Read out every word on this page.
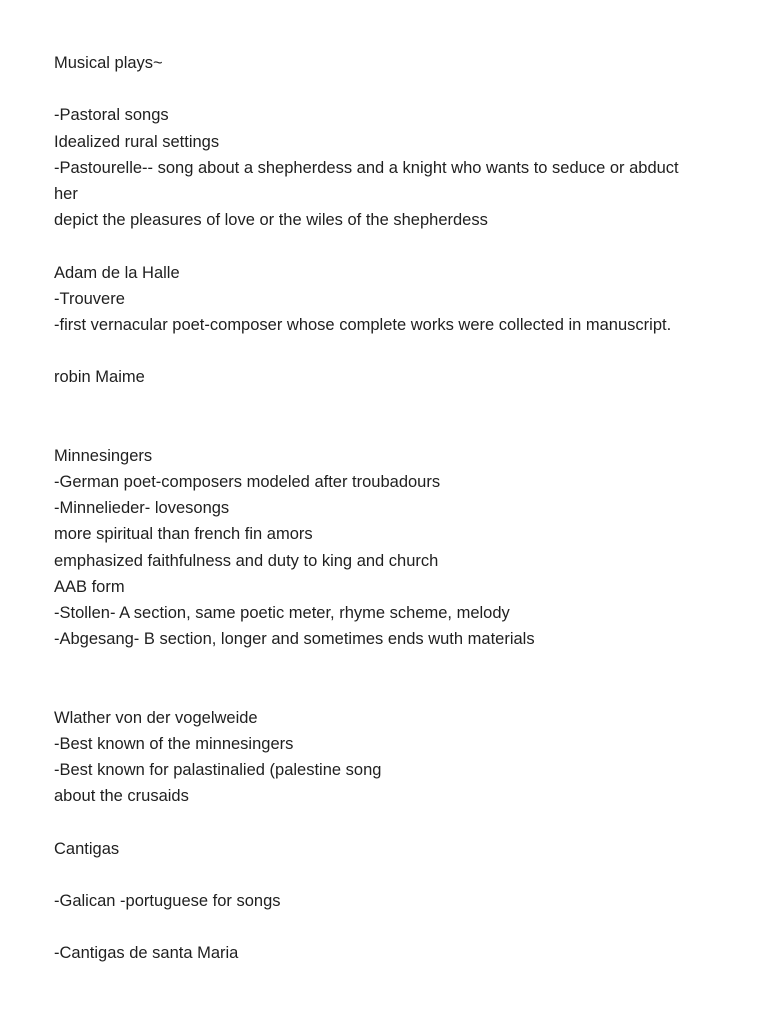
Musical plays~
-Pastoral songs
Idealized rural settings
-Pastourelle-- song about a shepherdess and a knight who wants to seduce or abduct
her
depict the pleasures of love or the wiles of the shepherdess
Adam de la Halle
-Trouvere
-first vernacular poet-composer whose complete works were collected in manuscript.
robin Maime
Minnesingers
-German poet-composers modeled after troubadours
-Minnelieder- lovesongs
more spiritual than french fin amors
emphasized faithfulness and duty to king and church
AAB form
-Stollen- A section, same poetic meter, rhyme scheme, melody
-Abgesang- B section, longer and sometimes ends wuth materials
Wlather von der vogelweide
-Best known of the minnesingers
-Best known for palastinalied (palestine song
about the crusaids
Cantigas
-Galican -portuguese for songs
-Cantigas de santa Maria
